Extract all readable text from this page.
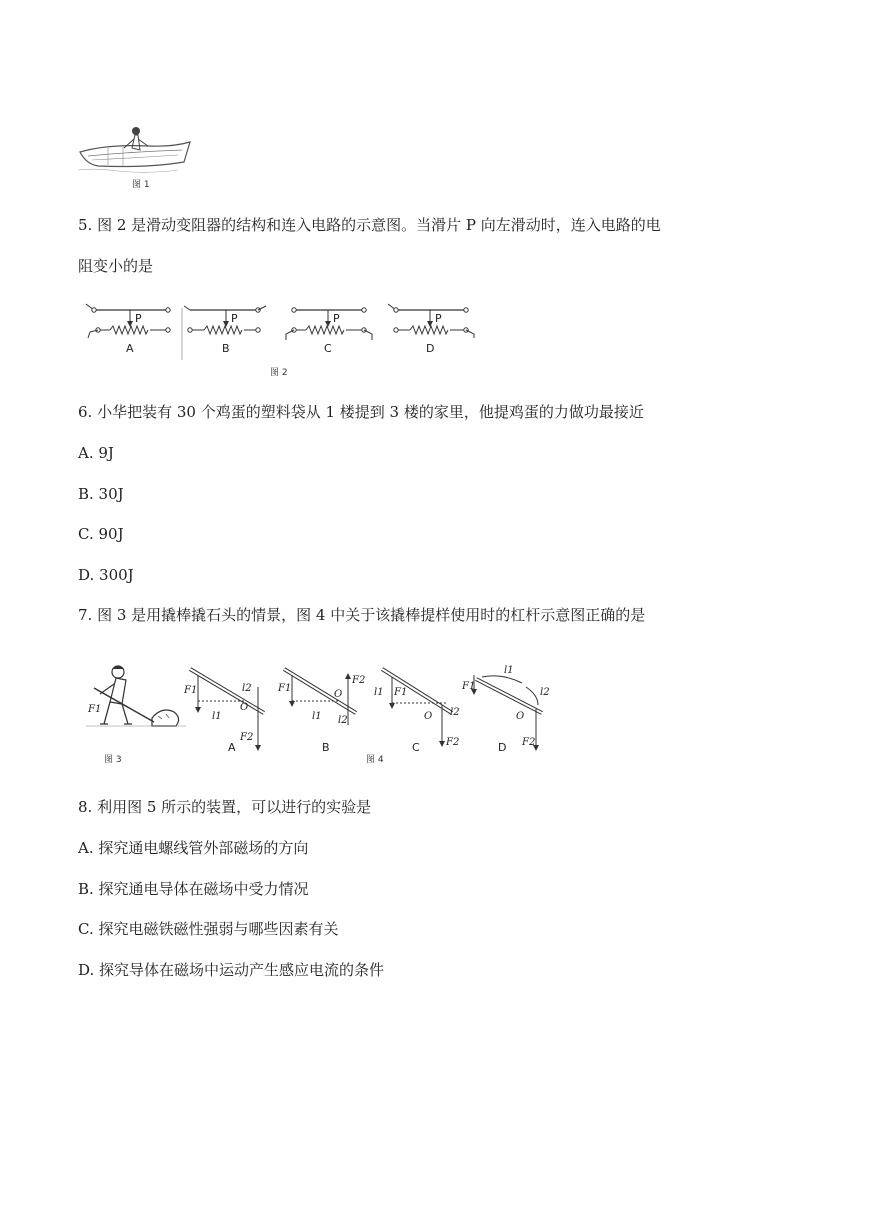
图 1
5. 图 2 是滑动变阻器的结构和连入电路的示意图。当滑片 P 向左滑动时，连入电路的电
阻变小的是
P
A
P
B
P
C
P
D
图 2
6. 小华把装有 30 个鸡蛋的塑料袋从 1 楼提到 3 楼的家里，他提鸡蛋的力做功最接近
A. 9J
B. 30J
C. 90J
D. 300J
7. 图 3 是用撬棒撬石头的情景，图 4 中关于该撬棒提样使用时的杠杆示意图正确的是
F1
图 3
F1
F2
l2
l1
O
A
F1
F2
l2
l1
O
B
l1 F1
F2
l2
O
C
F1
l1
F2
l2
O
D
图 4
8. 利用图 5 所示的装置，可以进行的实验是
A. 探究通电螺线管外部磁场的方向
B. 探究通电导体在磁场中受力情况
C. 探究电磁铁磁性强弱与哪些因素有关
D. 探究导体在磁场中运动产生感应电流的条件
